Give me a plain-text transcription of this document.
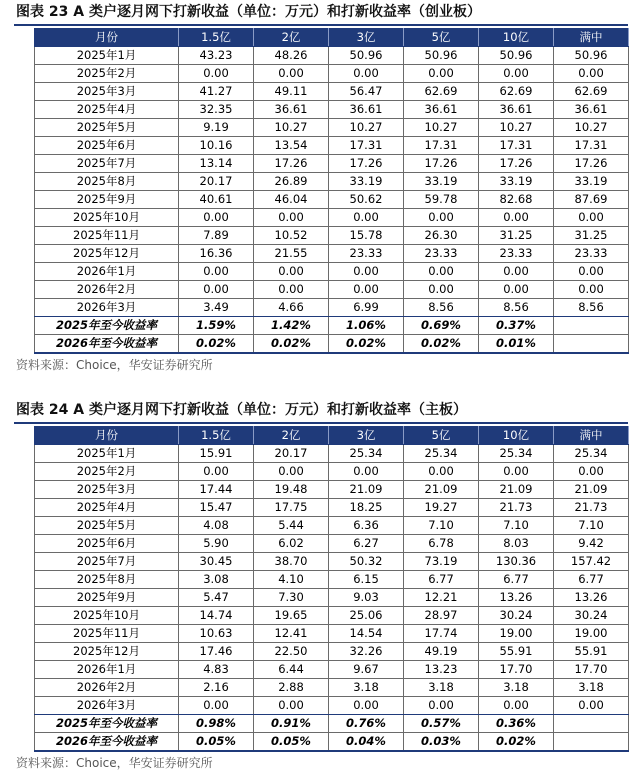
图表 23 A 类户逐月网下打新收益（单位：万元）和打新收益率（创业板）
月份	1.5亿	2亿	3亿	5亿	10亿	满中
2025年1月	43.23	48.26	50.96	50.96	50.96	50.96
2025年2月	0.00	0.00	0.00	0.00	0.00	0.00
2025年3月	41.27	49.11	56.47	62.69	62.69	62.69
2025年4月	32.35	36.61	36.61	36.61	36.61	36.61
2025年5月	9.19	10.27	10.27	10.27	10.27	10.27
2025年6月	10.16	13.54	17.31	17.31	17.31	17.31
2025年7月	13.14	17.26	17.26	17.26	17.26	17.26
2025年8月	20.17	26.89	33.19	33.19	33.19	33.19
2025年9月	40.61	46.04	50.62	59.78	82.68	87.69
2025年10月	0.00	0.00	0.00	0.00	0.00	0.00
2025年11月	7.89	10.52	15.78	26.30	31.25	31.25
2025年12月	16.36	21.55	23.33	23.33	23.33	23.33
2026年1月	0.00	0.00	0.00	0.00	0.00	0.00
2026年2月	0.00	0.00	0.00	0.00	0.00	0.00
2026年3月	3.49	4.66	6.99	8.56	8.56	8.56
2025年至今收益率	1.59%	1.42%	1.06%	0.69%	0.37%	
2026年至今收益率	0.02%	0.02%	0.02%	0.02%	0.01%	
资料来源：Choice，华安证券研究所
图表 24 A 类户逐月网下打新收益（单位：万元）和打新收益率（主板）
月份	1.5亿	2亿	3亿	5亿	10亿	满中
2025年1月	15.91	20.17	25.34	25.34	25.34	25.34
2025年2月	0.00	0.00	0.00	0.00	0.00	0.00
2025年3月	17.44	19.48	21.09	21.09	21.09	21.09
2025年4月	15.47	17.75	18.25	19.27	21.73	21.73
2025年5月	4.08	5.44	6.36	7.10	7.10	7.10
2025年6月	5.90	6.02	6.27	6.78	8.03	9.42
2025年7月	30.45	38.70	50.32	73.19	130.36	157.42
2025年8月	3.08	4.10	6.15	6.77	6.77	6.77
2025年9月	5.47	7.30	9.03	12.21	13.26	13.26
2025年10月	14.74	19.65	25.06	28.97	30.24	30.24
2025年11月	10.63	12.41	14.54	17.74	19.00	19.00
2025年12月	17.46	22.50	32.26	49.19	55.91	55.91
2026年1月	4.83	6.44	9.67	13.23	17.70	17.70
2026年2月	2.16	2.88	3.18	3.18	3.18	3.18
2026年3月	0.00	0.00	0.00	0.00	0.00	0.00
2025年至今收益率	0.98%	0.91%	0.76%	0.57%	0.36%	
2026年至今收益率	0.05%	0.05%	0.04%	0.03%	0.02%	
资料来源：Choice，华安证券研究所
